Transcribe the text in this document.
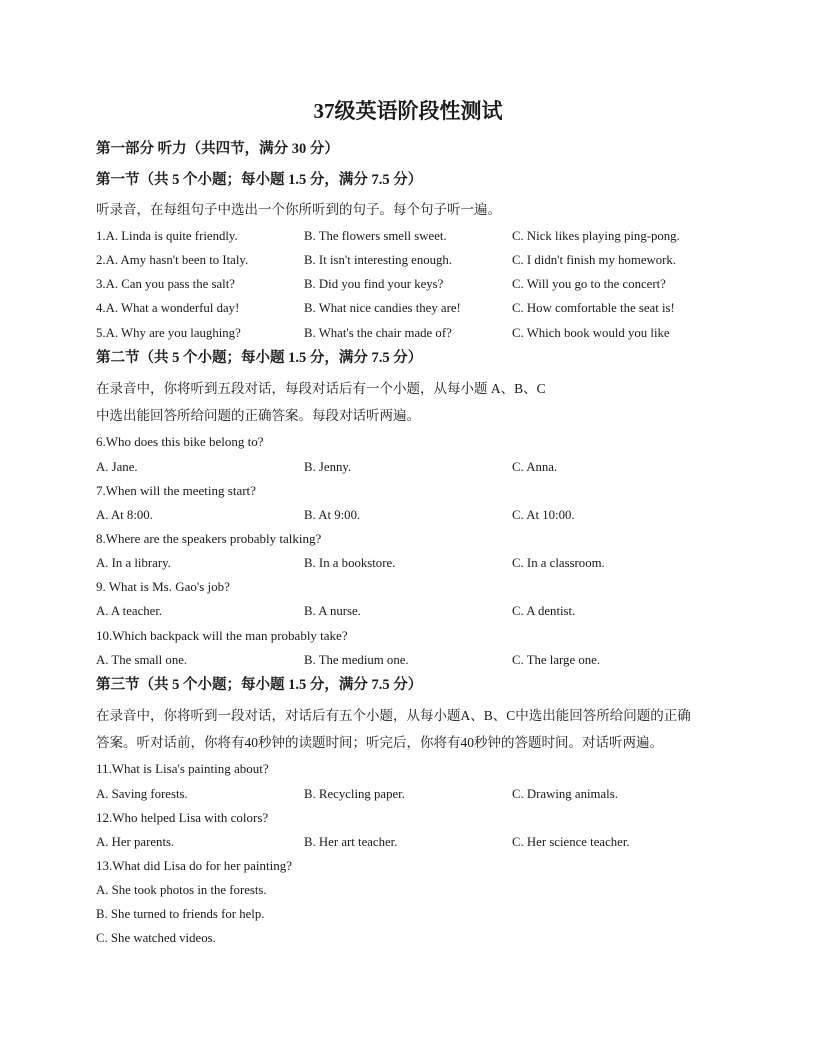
37级英语阶段性测试
第一部分 听力（共四节，满分 30 分）
第一节（共 5 个小题；每小题 1.5 分，满分 7.5 分）
听录音，在每组句子中选出一个你所听到的句子。每个句子听一遍。
1.A. Linda is quite friendly.	B. The flowers smell sweet.	C. Nick likes playing ping-pong.
2.A. Amy hasn't been to Italy.	B. It isn't interesting enough.	C. I didn't finish my homework.
3.A. Can you pass the salt?	B. Did you find your keys?	C. Will you go to the concert?
4.A. What a wonderful day!	B. What nice candies they are!	C. How comfortable the seat is!
5.A. Why are you laughing?	B. What's the chair made of?	C. Which book would you like
第二节（共 5 个小题；每小题 1.5 分，满分 7.5 分）
在录音中，你将听到五段对话，每段对话后有一个小题，从每小题 A、B、C
中选出能回答所给问题的正确答案。每段对话听两遍。
6.Who does this bike belong to?
A. Jane.	B. Jenny.	C. Anna.
7.When will the meeting start?
A. At 8:00.	B. At 9:00.	C. At 10:00.
8.Where are the speakers probably talking?
A. In a library.	B. In a bookstore.	C. In a classroom.
9. What is Ms. Gao's job?
A. A teacher.	B. A nurse.	C. A dentist.
10.Which backpack will the man probably take?
A. The small one.	B. The medium one.	C. The large one.
第三节（共 5 个小题；每小题 1.5 分，满分 7.5 分）
在录音中，你将听到一段对话，对话后有五个小题，从每小题A、B、C中选出能回答所给问题的正确
答案。听对话前，你将有40秒钟的读题时间；听完后，你将有40秒钟的答题时间。对话听两遍。
11.What is Lisa's painting about?
A. Saving forests.	B. Recycling paper.	C. Drawing animals.
12.Who helped Lisa with colors?
A. Her parents.	B. Her art teacher.	C. Her science teacher.
13.What did Lisa do for her painting?
A. She took photos in the forests.
B. She turned to friends for help.
C. She watched videos.
